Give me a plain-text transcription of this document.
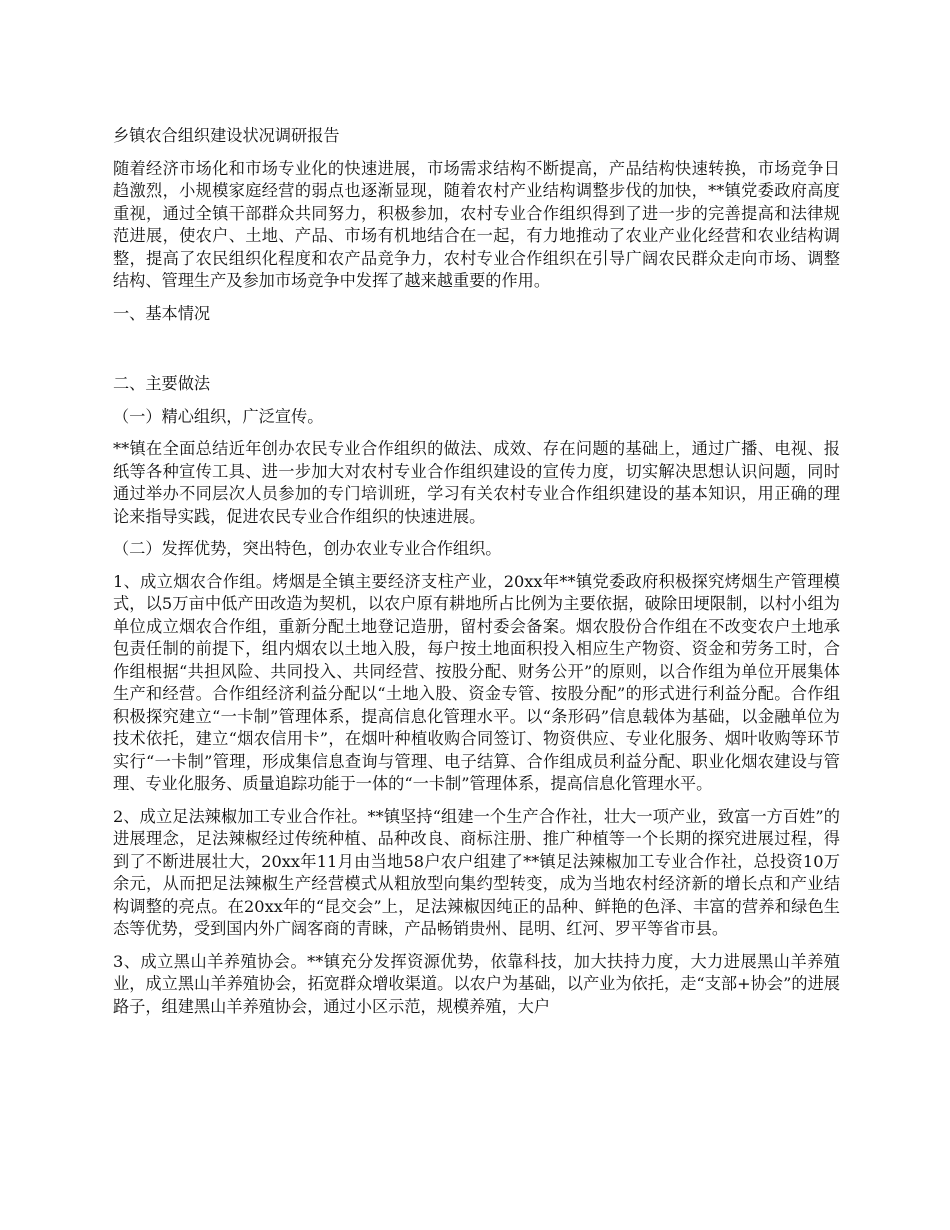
乡镇农合组织建设状况调研报告

随着经济市场化和市场专业化的快速进展，市场需求结构不断提高，产品结构快速转换，市场竞争日趋激烈，小规模家庭经营的弱点也逐渐显现，随着农村产业结构调整步伐的加快，**镇党委政府高度重视，通过全镇干部群众共同努力，积极参加，农村专业合作组织得到了进一步的完善提高和法律规范进展，使农户、土地、产品、市场有机地结合在一起，有力地推动了农业产业化经营和农业结构调整，提高了农民组织化程度和农产品竞争力，农村专业合作组织在引导广阔农民群众走向市场、调整结构、管理生产及参加市场竞争中发挥了越来越重要的作用。

一、基本情况

二、主要做法

（一）精心组织，广泛宣传。

**镇在全面总结近年创办农民专业合作组织的做法、成效、存在问题的基础上，通过广播、电视、报纸等各种宣传工具、进一步加大对农村专业合作组织建设的宣传力度，切实解决思想认识问题，同时通过举办不同层次人员参加的专门培训班，学习有关农村专业合作组织建设的基本知识，用正确的理论来指导实践，促进农民专业合作组织的快速进展。

（二）发挥优势，突出特色，创办农业专业合作组织。

1、成立烟农合作组。烤烟是全镇主要经济支柱产业，20xx年**镇党委政府积极探究烤烟生产管理模式，以5万亩中低产田改造为契机，以农户原有耕地所占比例为主要依据，破除田埂限制，以村小组为单位成立烟农合作组，重新分配土地登记造册，留村委会备案。烟农股份合作组在不改变农户土地承包责任制的前提下，组内烟农以土地入股，每户按土地面积投入相应生产物资、资金和劳务工时，合作组根据“共担风险、共同投入、共同经营、按股分配、财务公开”的原则，以合作组为单位开展集体生产和经营。合作组经济利益分配以“土地入股、资金专管、按股分配”的形式进行利益分配。合作组积极探究建立“一卡制”管理体系，提高信息化管理水平。以“条形码”信息载体为基础，以金融单位为技术依托，建立“烟农信用卡”，在烟叶种植收购合同签订、物资供应、专业化服务、烟叶收购等环节实行“一卡制”管理，形成集信息查询与管理、电子结算、合作组成员利益分配、职业化烟农建设与管理、专业化服务、质量追踪功能于一体的“一卡制”管理体系，提高信息化管理水平。

2、成立足法辣椒加工专业合作社。**镇坚持“组建一个生产合作社，壮大一项产业，致富一方百姓”的进展理念，足法辣椒经过传统种植、品种改良、商标注册、推广种植等一个长期的探究进展过程，得到了不断进展壮大，20xx年11月由当地58户农户组建了**镇足法辣椒加工专业合作社，总投资10万余元，从而把足法辣椒生产经营模式从粗放型向集约型转变，成为当地农村经济新的增长点和产业结构调整的亮点。在20xx年的“昆交会”上，足法辣椒因纯正的品种、鲜艳的色泽、丰富的营养和绿色生态等优势，受到国内外广阔客商的青睐，产品畅销贵州、昆明、红河、罗平等省市县。

3、成立黑山羊养殖协会。**镇充分发挥资源优势，依靠科技，加大扶持力度，大力进展黑山羊养殖业，成立黑山羊养殖协会，拓宽群众增收渠道。以农户为基础，以产业为依托，走“支部+协会”的进展路子，组建黑山羊养殖协会，通过小区示范，规模养殖，大户
